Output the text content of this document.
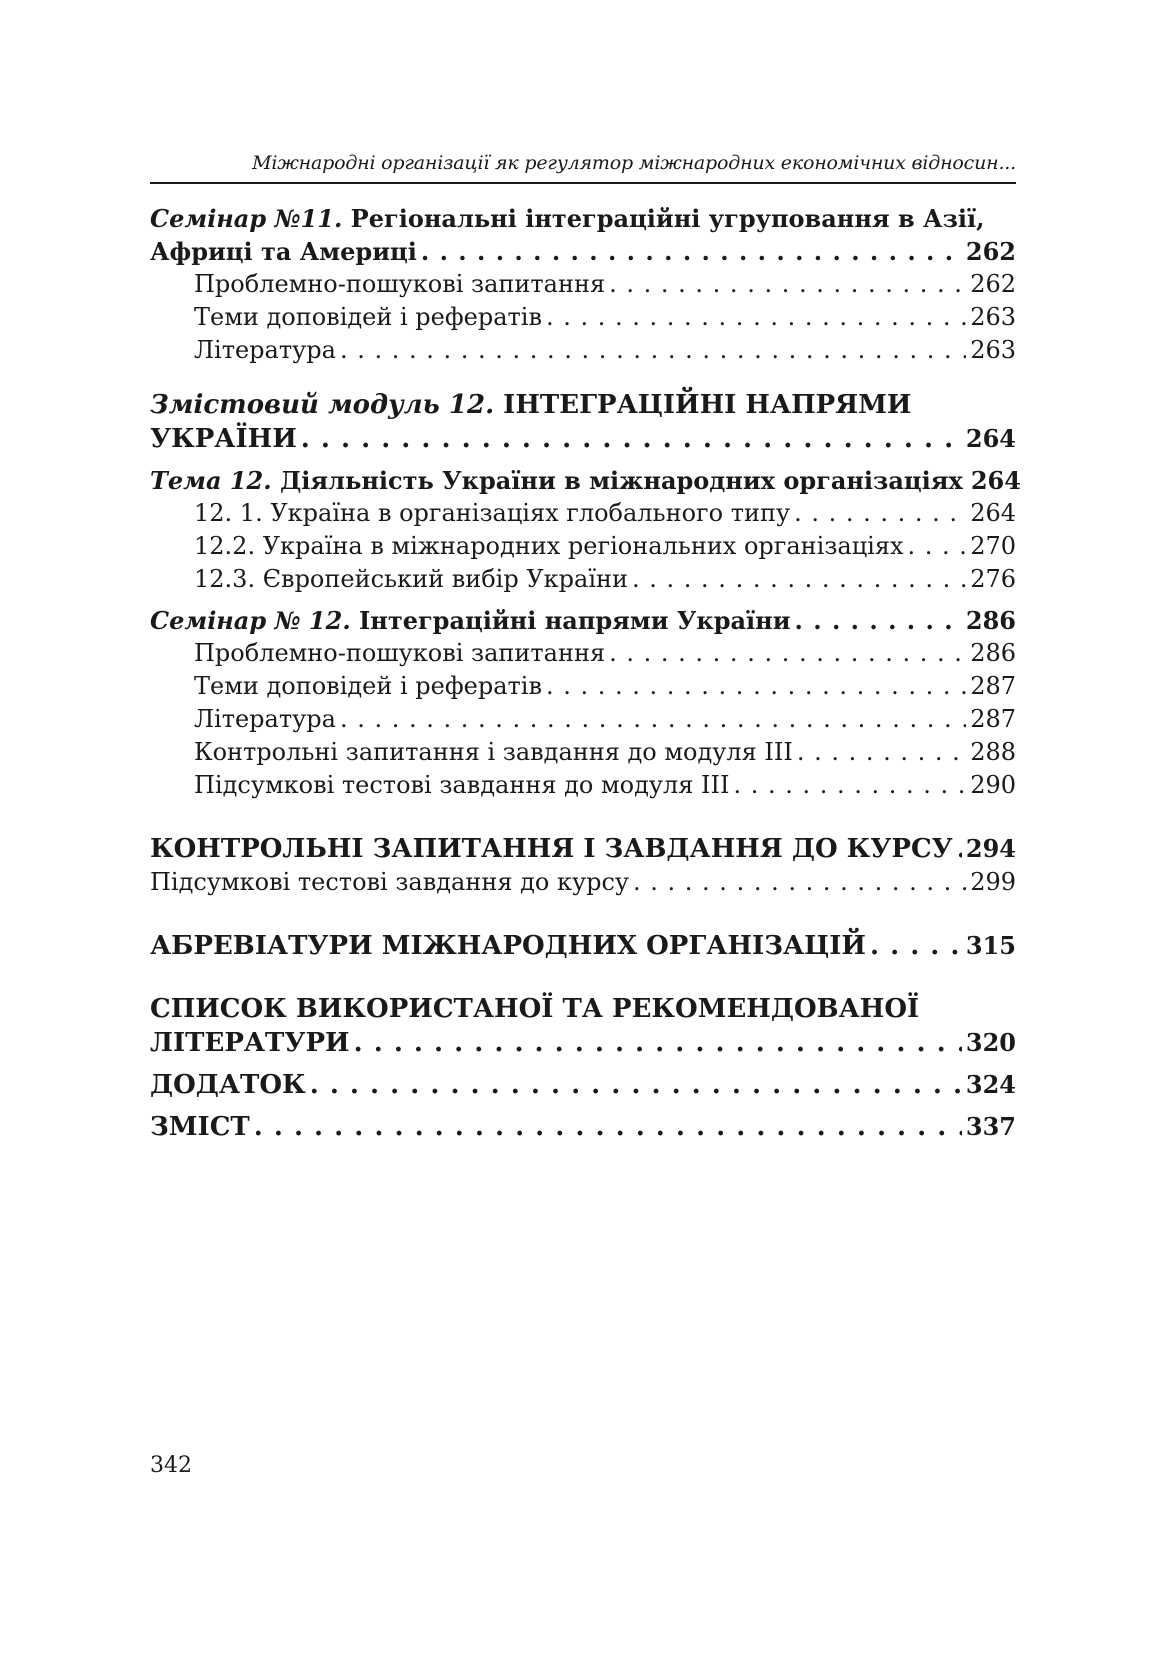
Міжнародні організації як регулятор міжнародних економічних відносин...
Семінар №11. Регіональні інтеграційні угруповання в Азії,
Африці та Америці . . .	262
Проблемно-пошукові запитання . . .	262
Теми доповідей і рефератів . . .	263
Література . . .	263
Змістовий модуль 12. ІНТЕГРАЦІЙНІ НАПРЯМИ
УКРАЇНИ . . .	264
Тема 12. Діяльність України в міжнародних організаціях 264
12. 1. Україна в організаціях глобального типу . . .	264
12.2. Україна в міжнародних регіональних організаціях . . .	270
12.3. Європейський вибір України . . .	276
Семінар № 12. Інтеграційні напрями України . . .	286
Проблемно-пошукові запитання . . .	286
Теми доповідей і рефератів . . .	287
Література . . .	287
Контрольні запитання і завдання до модуля ІІІ . . .	288
Підсумкові тестові завдання до модуля ІІІ . . .	290
КОНТРОЛЬНІ ЗАПИТАННЯ І ЗАВДАННЯ ДО КУРСУ . . . 294
Підсумкові тестові завдання до курсу . . .	299
АБРЕВІАТУРИ МІЖНАРОДНИХ ОРГАНІЗАЦІЙ . . .	315
СПИСОК ВИКОРИСТАНОЇ ТА РЕКОМЕНДОВАНОЇ
ЛІТЕРАТУРИ . . .	320
ДОДАТОК . . .	324
ЗМІСТ . . .	337
342
